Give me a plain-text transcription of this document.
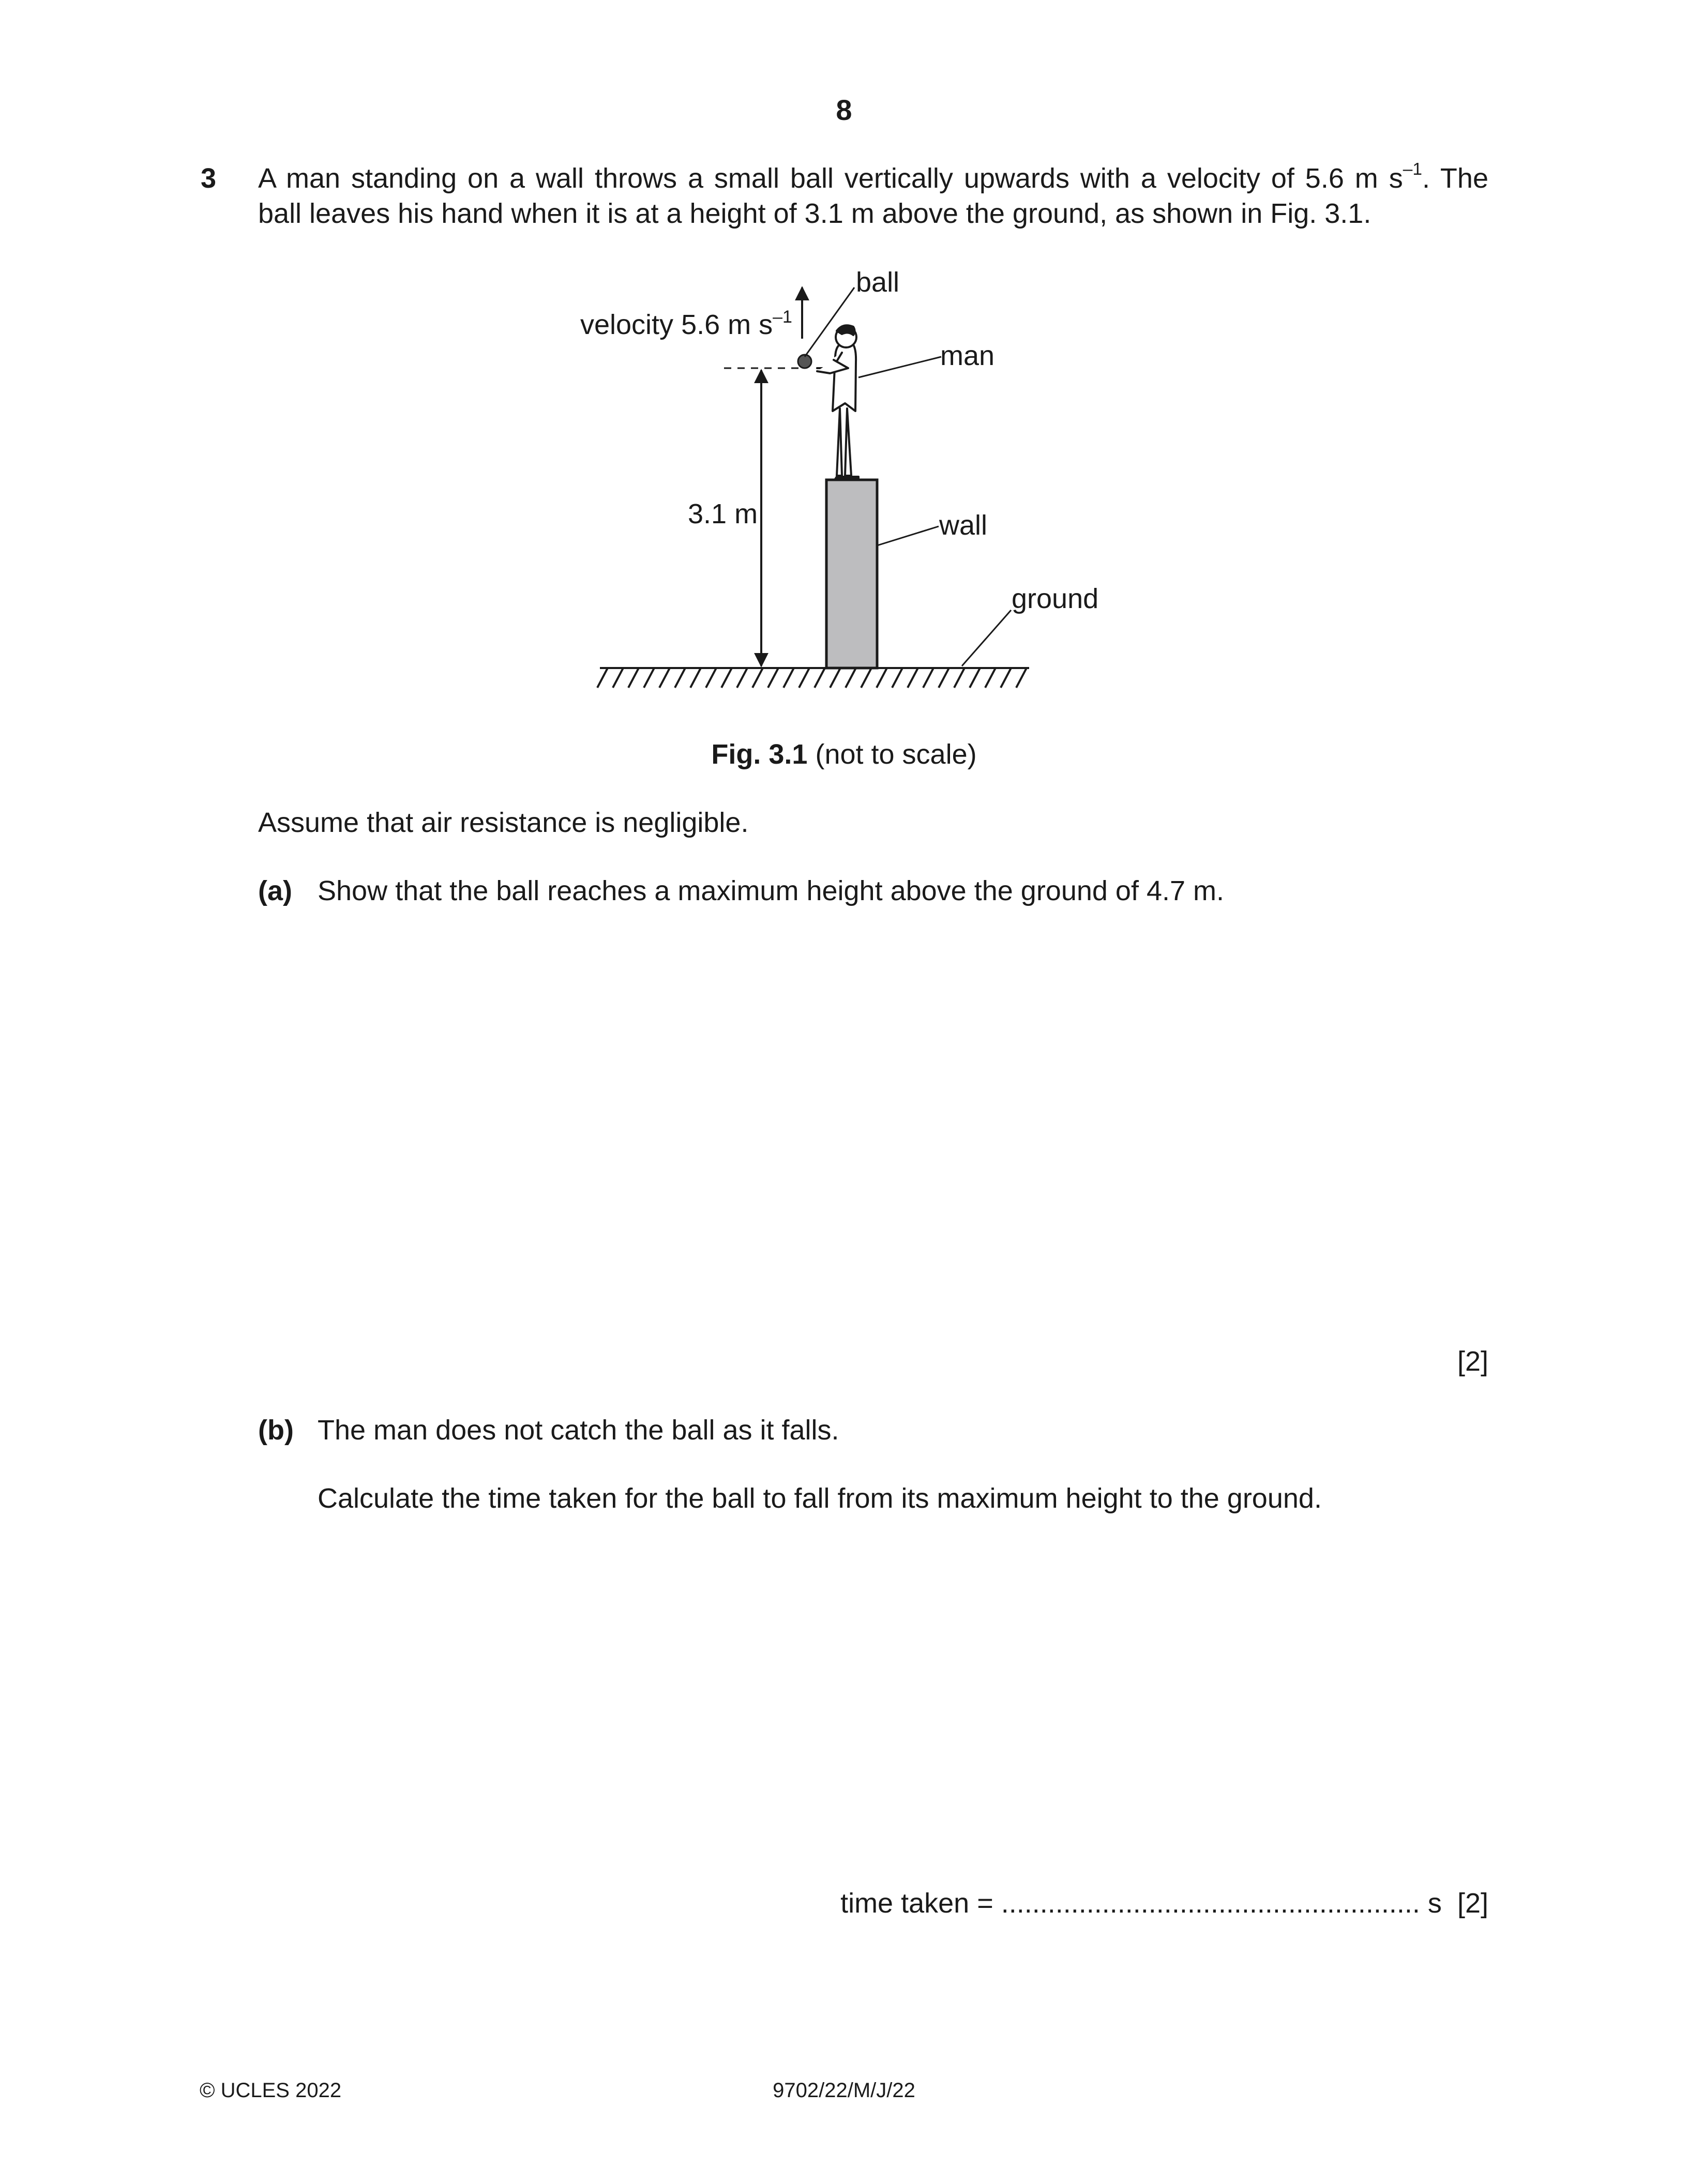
8
3 A man standing on a wall throws a small ball vertically upwards with a velocity of 5.6 m $s^{-1}$. The
ball leaves his hand when it is at a height of 3.1 m above the ground, as shown in Fig. 3.1.
ball
man
wall
ground
3.1 m
velocity 5.6 m $s^{-1}$
Fig. 3.1 (not to scale)
Assume that air resistance is negligible.
(a) Show that the ball reaches a maximum height above the ground of 4.7 m.
[2]
(b) The man does not catch the ball as it falls.
Calculate the time taken for the ball to fall from its maximum height to the ground.
time taken = ...................................................... s [2]
© UCLES 2022	9702/22/M/J/22
